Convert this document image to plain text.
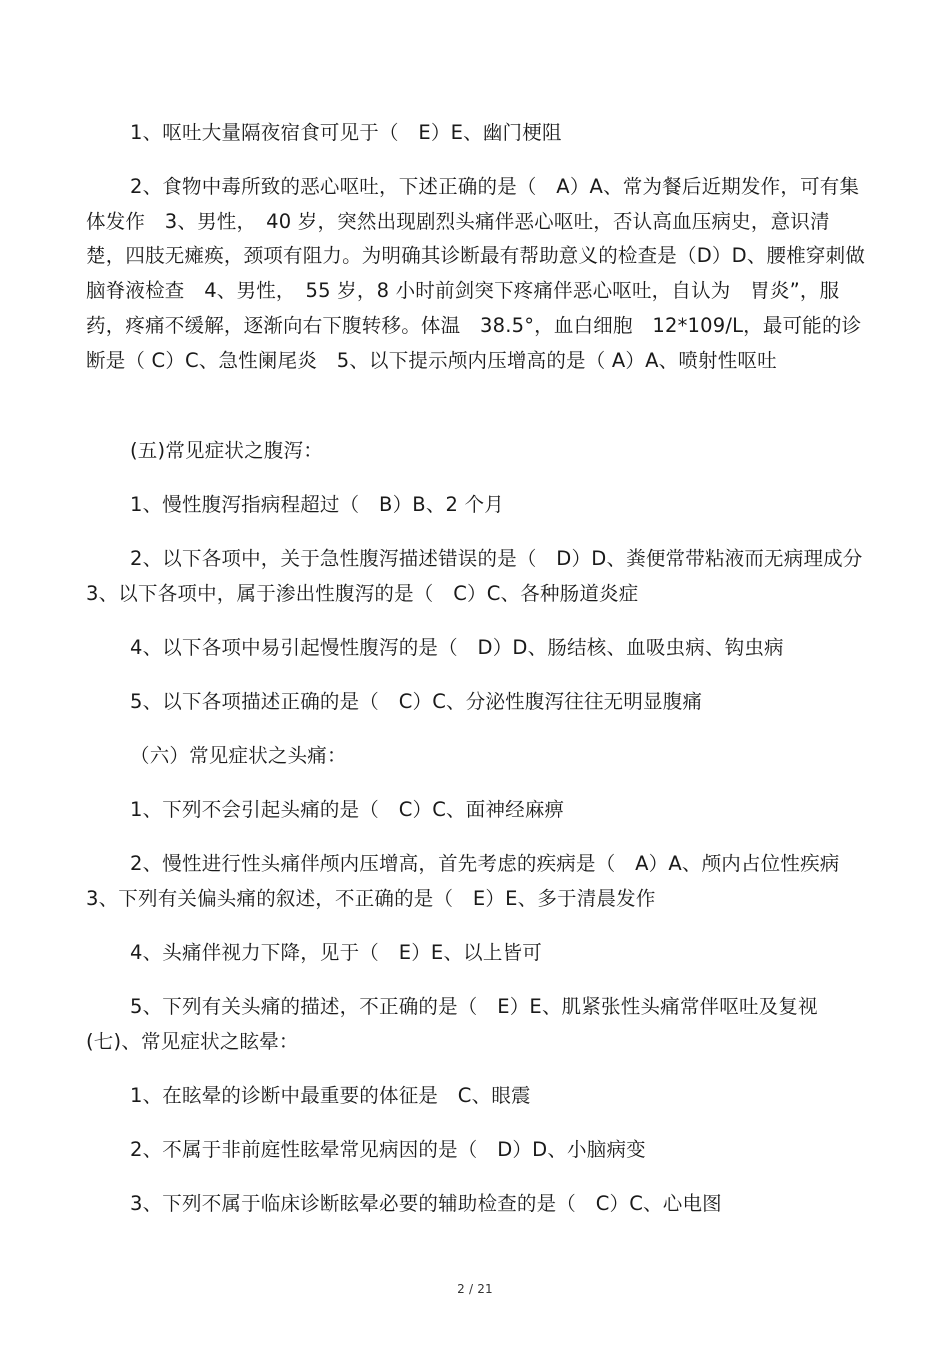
1、呕吐大量隔夜宿食可见于（　E）E、幽门梗阻

2、食物中毒所致的恶心呕吐，下述正确的是（　A）A、常为餐后近期发作，可有集体发作　3、男性，　40 岁，突然出现剧烈头痛伴恶心呕吐，否认高血压病史，意识清楚，四肢无瘫痪，颈项有阻力。为明确其诊断最有帮助意义的检查是（D）D、腰椎穿刺做脑脊液检查　4、男性，　55 岁，8 小时前剑突下疼痛伴恶心呕吐，自认为　胃炎”，服药，疼痛不缓解，逐渐向右下腹转移。体温　38.5°，血白细胞　12*109/L，最可能的诊断是（ C）C、急性阑尾炎　5、以下提示颅内压增高的是（ A）A、喷射性呕吐

(五)常见症状之腹泻：

1、慢性腹泻指病程超过（　B）B、2 个月

2、以下各项中，关于急性腹泻描述错误的是（　D）D、粪便常带粘液而无病理成分 3、以下各项中，属于渗出性腹泻的是（　C）C、各种肠道炎症

4、以下各项中易引起慢性腹泻的是（　D）D、肠结核、血吸虫病、钩虫病

5、以下各项描述正确的是（　C）C、分泌性腹泻往往无明显腹痛

（六）常见症状之头痛：

1、下列不会引起头痛的是（　C）C、面神经麻痹

2、慢性进行性头痛伴颅内压增高，首先考虑的疾病是（　A）A、颅内占位性疾病 3、下列有关偏头痛的叙述，不正确的是（　E）E、多于清晨发作

4、头痛伴视力下降，见于（　E）E、以上皆可

5、下列有关头痛的描述，不正确的是（　E）E、肌紧张性头痛常伴呕吐及复视(七)、常见症状之眩晕：

1、在眩晕的诊断中最重要的体征是　C、眼震

2、不属于非前庭性眩晕常见病因的是（　D）D、小脑病变

3、下列不属于临床诊断眩晕必要的辅助检查的是（　C）C、心电图

2 / 21
